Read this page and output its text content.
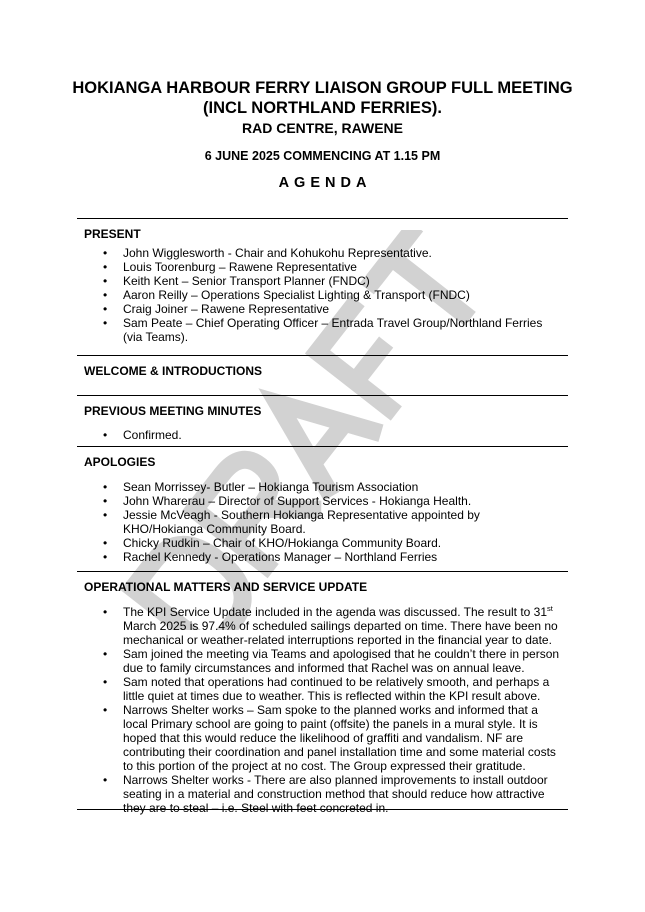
HOKIANGA HARBOUR FERRY LIAISON GROUP FULL MEETING (INCL NORTHLAND FERRIES).
RAD CENTRE, RAWENE
6 JUNE 2025 COMMENCING AT 1.15 PM
AGENDA
PRESENT
• John Wigglesworth - Chair and Kohukohu Representative.
• Louis Toorenburg – Rawene Representative
• Keith Kent – Senior Transport Planner (FNDC)
• Aaron Reilly – Operations Specialist Lighting & Transport (FNDC)
• Craig Joiner – Rawene Representative
• Sam Peate – Chief Operating Officer – Entrada Travel Group/Northland Ferries (via Teams).
WELCOME & INTRODUCTIONS
PREVIOUS MEETING MINUTES
• Confirmed.
APOLOGIES
• Sean Morrissey- Butler – Hokianga Tourism Association
• John Wharerau – Director of Support Services - Hokianga Health.
• Jessie McVeagh - Southern Hokianga Representative appointed by KHO/Hokianga Community Board.
• Chicky Rudkin – Chair of KHO/Hokianga Community Board.
• Rachel Kennedy - Operations Manager – Northland Ferries
OPERATIONAL MATTERS AND SERVICE UPDATE
• The KPI Service Update included in the agenda was discussed. The result to 31st March 2025 is 97.4% of scheduled sailings departed on time. There have been no mechanical or weather-related interruptions reported in the financial year to date.
• Sam joined the meeting via Teams and apologised that he couldn’t there in person due to family circumstances and informed that Rachel was on annual leave.
• Sam noted that operations had continued to be relatively smooth, and perhaps a little quiet at times due to weather. This is reflected within the KPI result above.
• Narrows Shelter works – Sam spoke to the planned works and informed that a local Primary school are going to paint (offsite) the panels in a mural style. It is hoped that this would reduce the likelihood of graffiti and vandalism. NF are contributing their coordination and panel installation time and some material costs to this portion of the project at no cost. The Group expressed their gratitude.
• Narrows Shelter works - There are also planned improvements to install outdoor seating in a material and construction method that should reduce how attractive they are to steal – i.e. Steel with feet concreted in.
